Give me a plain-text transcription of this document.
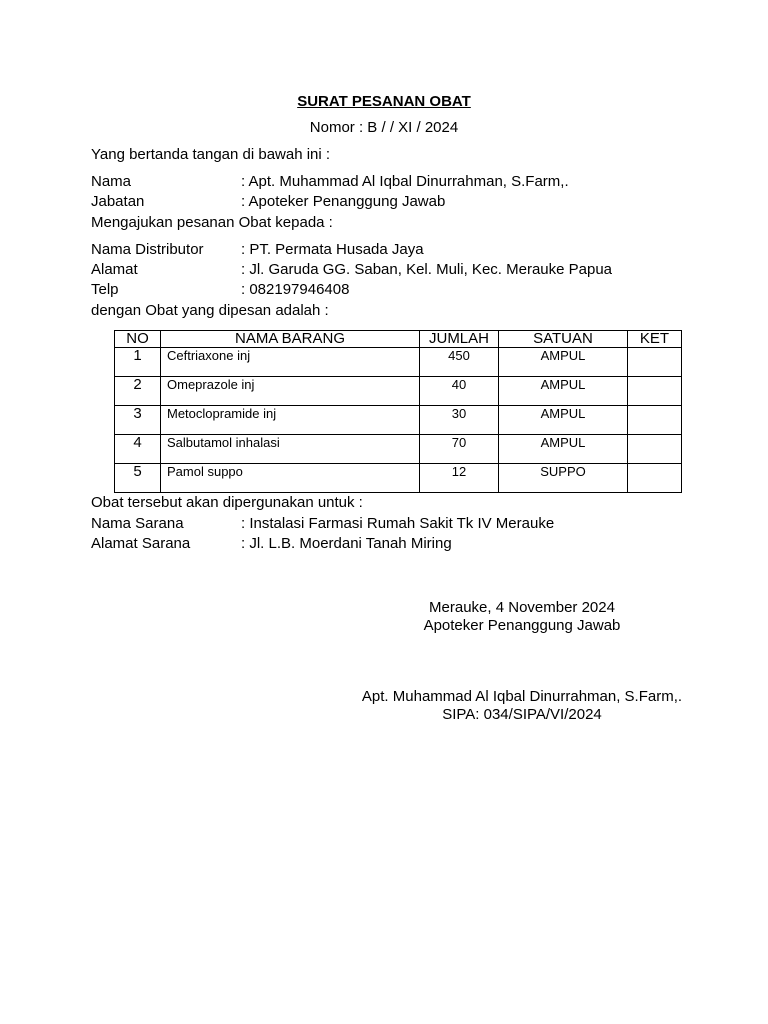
SURAT PESANAN OBAT
Nomor : B / / XI / 2024
Yang bertanda tangan di bawah ini :
Nama	: Apt. Muhammad Al Iqbal Dinurrahman, S.Farm,.
Jabatan	: Apoteker Penanggung Jawab
Mengajukan pesanan Obat kepada :
Nama Distributor : PT. Permata Husada Jaya
Alamat	: Jl. Garuda GG. Saban, Kel. Muli, Kec. Merauke Papua
Telp	: 082197946408
dengan Obat yang dipesan adalah :
NO	NAMA BARANG	JUMLAH	SATUAN	KET
1	Ceftriaxone inj	450	AMPUL	
2	Omeprazole inj	40	AMPUL	
3	Metoclopramide inj	30	AMPUL	
4	Salbutamol inhalasi	70	AMPUL	
5	Pamol suppo	12	SUPPO	
Obat tersebut akan dipergunakan untuk :
Nama Sarana	: Instalasi Farmasi Rumah Sakit Tk IV Merauke
Alamat Sarana	: Jl. L.B. Moerdani Tanah Miring
Merauke, 4 November 2024
Apoteker Penanggung Jawab
Apt. Muhammad Al Iqbal Dinurrahman, S.Farm,.
SIPA: 034/SIPA/VI/2024
